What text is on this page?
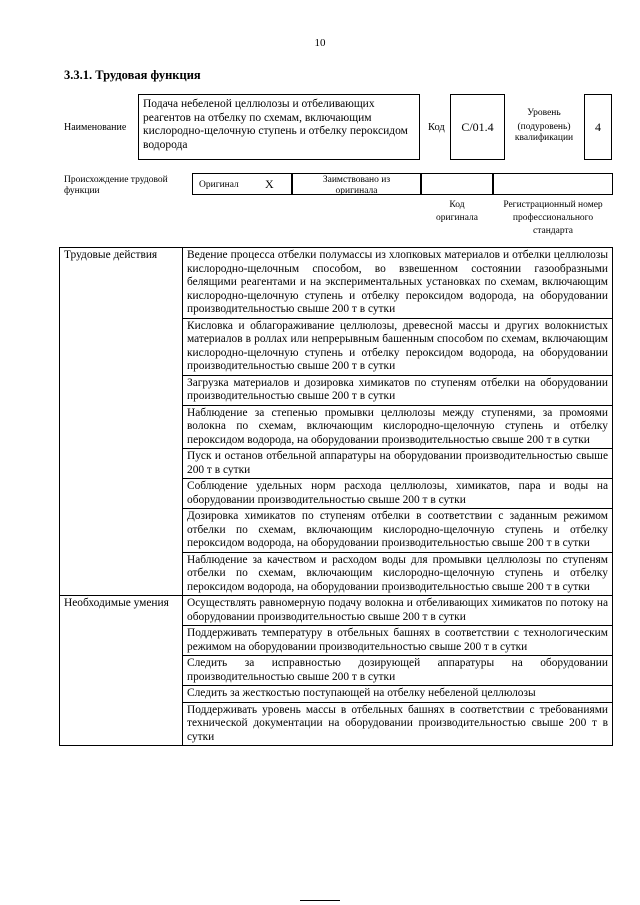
10
3.3.1. Трудовая функция
Наименование
Подача небеленой целлюлозы и отбеливающих реагентов на отбелку по схемам, включающим кислородно-щелочную ступень и отбелку пероксидом водорода
Код C/01.4
Уровень
(подуровень)
квалификации
4
Происхождение трудовой
функции
Оригинал X	Заимствовано из
оригинала
Код
оригинала
Регистрационный номер
профессионального
стандарта
Трудовые действия	Ведение процесса отбелки полумассы из хлопковых материалов и отбелки целлюлозы кислородно-щелочным способом, во взвешенном состоянии газообразными белящими реагентами и на экспериментальных установках по схемам, включающим кислородно-щелочную ступень и отбелку пероксидом водорода, на оборудовании производительностью свыше 200 т в сутки
	Кисловка и облагораживание целлюлозы, древесной массы и других волокнистых материалов в роллах или непрерывным башенным способом по схемам, включающим кислородно-щелочную ступень и отбелку пероксидом водорода, на оборудовании производительностью свыше 200 т в сутки
	Загрузка материалов и дозировка химикатов по ступеням отбелки на оборудовании производительностью свыше 200 т в сутки
	Наблюдение за степенью промывки целлюлозы между ступенями, за промоями волокна по схемам, включающим кислородно-щелочную ступень и отбелку пероксидом водорода, на оборудовании производительностью свыше 200 т в сутки
	Пуск и останов отбельной аппаратуры на оборудовании производительностью свыше 200 т в сутки
	Соблюдение удельных норм расхода целлюлозы, химикатов, пара и воды на оборудовании производительностью свыше 200 т в сутки
	Дозировка химикатов по ступеням отбелки в соответствии с заданным режимом отбелки по схемам, включающим кислородно-щелочную ступень и отбелку пероксидом водорода, на оборудовании производительностью свыше 200 т в сутки
	Наблюдение за качеством и расходом воды для промывки целлюлозы по ступеням отбелки по схемам, включающим кислородно-щелочную ступень и отбелку пероксидом водорода, на оборудовании производительностью свыше 200 т в сутки
Необходимые умения	Осуществлять равномерную подачу волокна и отбеливающих химикатов по потоку на оборудовании производительностью свыше 200 т в сутки
	Поддерживать температуру в отбельных башнях в соответствии с технологическим режимом на оборудовании производительностью свыше 200 т в сутки
	Следить за исправностью дозирующей аппаратуры на оборудовании производительностью свыше 200 т в сутки
	Следить за жесткостью поступающей на отбелку небеленой целлюлозы
	Поддерживать уровень массы в отбельных башнях в соответствии с требованиями технической документации на оборудовании производительностью свыше 200 т в сутки
